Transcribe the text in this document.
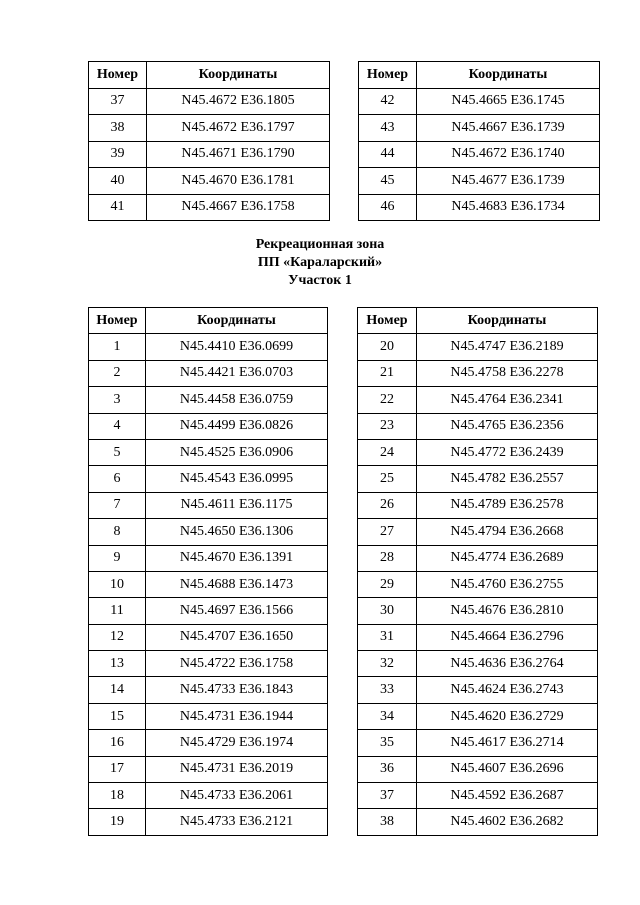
Номер	Координаты
37	N45.4672 E36.1805
38	N45.4672 E36.1797
39	N45.4671 E36.1790
40	N45.4670 E36.1781
41	N45.4667 E36.1758
Номер	Координаты
42	N45.4665 E36.1745
43	N45.4667 E36.1739
44	N45.4672 E36.1740
45	N45.4677 E36.1739
46	N45.4683 E36.1734
Рекреационная зона
ПП «Караларский»
Участок 1
Номер	Координаты
1	N45.4410 E36.0699
2	N45.4421 E36.0703
3	N45.4458 E36.0759
4	N45.4499 E36.0826
5	N45.4525 E36.0906
6	N45.4543 E36.0995
7	N45.4611 E36.1175
8	N45.4650 E36.1306
9	N45.4670 E36.1391
10	N45.4688 E36.1473
11	N45.4697 E36.1566
12	N45.4707 E36.1650
13	N45.4722 E36.1758
14	N45.4733 E36.1843
15	N45.4731 E36.1944
16	N45.4729 E36.1974
17	N45.4731 E36.2019
18	N45.4733 E36.2061
19	N45.4733 E36.2121
Номер	Координаты
20	N45.4747 E36.2189
21	N45.4758 E36.2278
22	N45.4764 E36.2341
23	N45.4765 E36.2356
24	N45.4772 E36.2439
25	N45.4782 E36.2557
26	N45.4789 E36.2578
27	N45.4794 E36.2668
28	N45.4774 E36.2689
29	N45.4760 E36.2755
30	N45.4676 E36.2810
31	N45.4664 E36.2796
32	N45.4636 E36.2764
33	N45.4624 E36.2743
34	N45.4620 E36.2729
35	N45.4617 E36.2714
36	N45.4607 E36.2696
37	N45.4592 E36.2687
38	N45.4602 E36.2682
